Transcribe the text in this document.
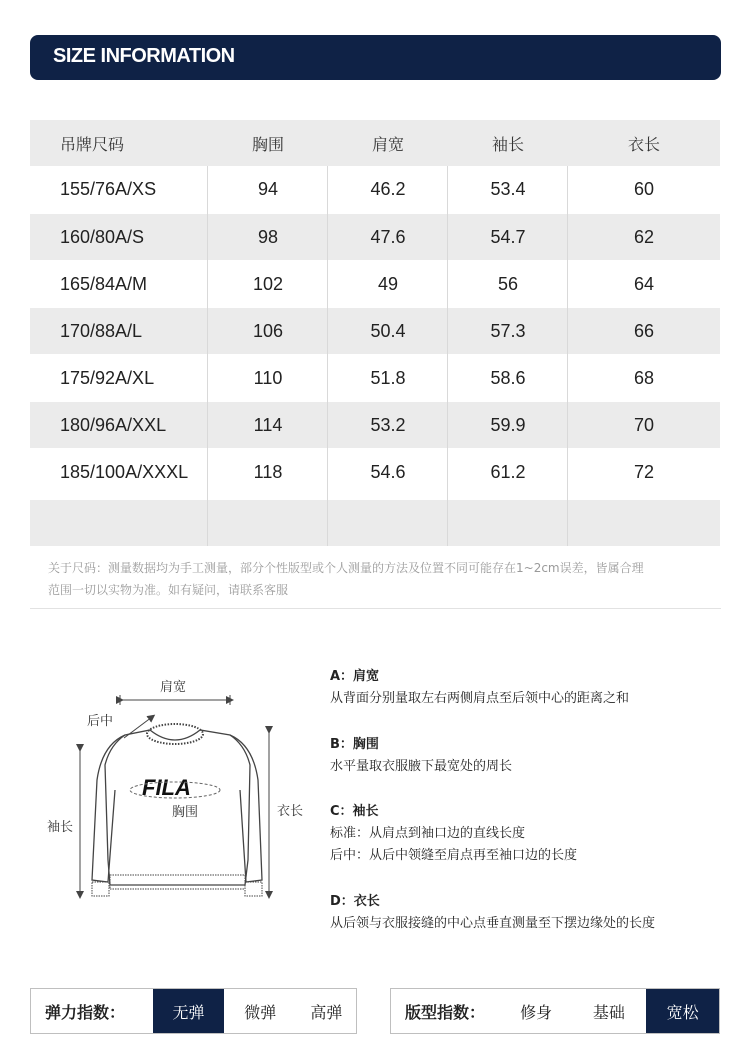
SIZE INFORMATION
吊牌尺码	胸围	肩宽	袖长	衣长
155/76A/XS	94	46.2	53.4	60
160/80A/S	98	47.6	54.7	62
165/84A/M	102	49	56	64
170/88A/L	106	50.4	57.3	66
175/92A/XL	110	51.8	58.6	68
180/96A/XXL	114	53.2	59.9	70
185/100A/XXXL	118	54.6	61.2	72
关于尺码：测量数据均为手工测量，部分个性版型或个人测量的方法及位置不同可能存在1~2cm误差，皆属合理
范围一切以实物为准。如有疑问，请联系客服
FILA
肩宽
后中
袖长
胸围	衣长
A：肩宽
从背面分别量取左右两侧肩点至后领中心的距离之和
B：胸围
水平量取衣服腋下最宽处的周长
C：袖长
标准：从肩点到袖口边的直线长度
后中：从后中领缝至肩点再至袖口边的长度
D：衣长
从后领与衣服接缝的中心点垂直测量至下摆边缘处的长度
弹力指数：	无弹	微弹	高弹	版型指数：	修身	基础	宽松
